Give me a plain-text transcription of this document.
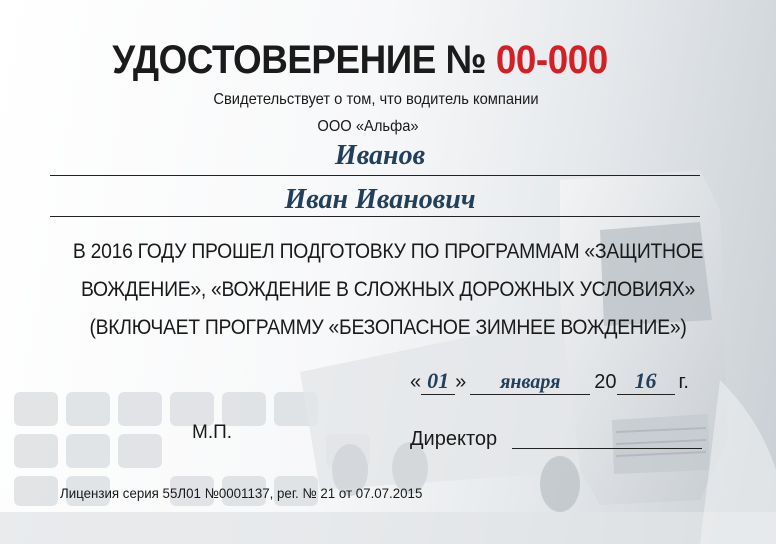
УДОСТОВЕРЕНИЕ № 00-000
Свидетельствует о том, что водитель компании
ООО «Альфа»
Иванов
Иван Иванович
В 2016 ГОДУ ПРОШЕЛ ПОДГОТОВКУ ПО ПРОГРАММАМ «ЗАЩИТНОЕ
ВОЖДЕНИЕ», «ВОЖДЕНИЕ В СЛОЖНЫХ ДОРОЖНЫХ УСЛОВИЯХ»
(ВКЛЮЧАЕТ ПРОГРАММУ «БЕЗОПАСНОЕ ЗИМНЕЕ ВОЖДЕНИЕ»)
« 01 » января 20 16 г.
М.П.	Директор
Лицензия серия 55Л01 №0001137, рег. № 21 от 07.07.2015
